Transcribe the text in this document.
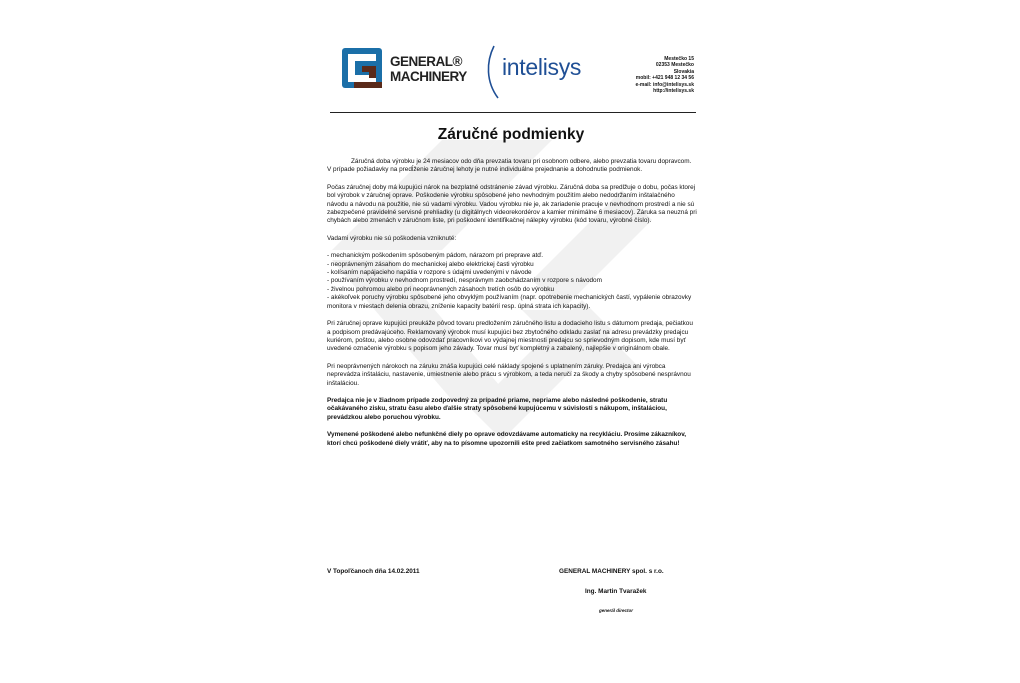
GENERAL®
MACHINERY intelisys	Mestečko 15
02353 Mestečko
Slovakia
mobil: +421 948 12 34 56
e-mail: info@intelisys.sk
http://intelisys.sk
Záručné podmienky

Záručná doba výrobku je 24 mesiacov odo dňa prevzatia tovaru pri osobnom odbere, alebo prevzatia tovaru dopravcom. V prípade požiadavky na predĺženie záručnej lehoty je nutné individuálne prejednanie a dohodnutie podmienok.

Počas záručnej doby má kupujúci nárok na bezplatné odstránenie závad výrobku. Záručná doba sa predlžuje o dobu, počas ktorej bol výrobok v záručnej oprave. Poškodenie výrobku spôsobené jeho nevhodným použitím alebo nedodržaním inštalačného návodu a návodu na použitie, nie sú vadami výrobku. Vadou výrobku nie je, ak zariadenie pracuje v nevhodnom prostredí a nie sú zabezpečené pravidelné servisné prehliadky (u digitálnych videorekordérov a kamier minimálne 6 mesiacov). Záruka sa neuzná pri chybách alebo zmenách v záručnom liste, pri poškodení identifikačnej nálepky výrobku (kód tovaru, výrobné číslo).

Vadami výrobku nie sú poškodenia vzniknuté:

- mechanickým poškodením spôsobeným pádom, nárazom pri preprave atď.
- neoprávneným zásahom do mechanickej alebo elektrickej časti výrobku
- kolísaním napájacieho napätia v rozpore s údajmi uvedenými v návode
- používaním výrobku v nevhodnom prostredí, nesprávnym zaobchádzaním v rozpore s návodom
- živelnou pohromou alebo pri neoprávnených zásahoch tretích osôb do výrobku
- akékoľvek poruchy výrobku spôsobené jeho obvyklým používaním (napr. opotrebenie mechanických častí, vypálenie obrazovky monitora v miestach delenia obrazu, zníženie kapacity batérií resp. úplná strata ich kapacity).

Pri záručnej oprave kupujúci preukáže pôvod tovaru predložením záručného listu a dodacieho listu s dátumom predaja, pečiatkou a podpisom predávajúceho. Reklamovaný výrobok musí kupujúci bez zbytočného odkladu zaslať na adresu prevádzky predajcu kuriérom, poštou, alebo osobne odovzdať pracovníkovi vo výdajnej miestnosti predajcu so sprievodným dopisom, kde musí byť uvedené označenie výrobku s popisom jeho závady. Tovar musí byť kompletný a zabalený, najlepšie v originálnom obale.

Pri neoprávnených nárokoch na záruku znáša kupujúci celé náklady spojené s uplatnením záruky. Predajca ani výrobca neprevádza inštaláciu, nastavenie, umiestnenie alebo prácu s výrobkom, a teda neručí za škody a chyby spôsobené nesprávnou inštaláciou.

Predajca nie je v žiadnom prípade zodpovedný za prípadné priame, nepriame alebo následné poškodenie, stratu očakávaného zisku, stratu času alebo ďalšie straty spôsobené kupujúcemu v súvislosti s nákupom, inštaláciou, prevádzkou alebo poruchou výrobku.

Vymenené poškodené alebo nefunkčné diely po oprave odovzdávame automaticky na recykláciu. Prosíme zákazníkov, ktorí chcú poškodené diely vrátiť, aby na to písomne upozornili ešte pred začiatkom samotného servisného zásahu!

V Topoľčanoch dňa 14.02.2011	GENERAL MACHINERY spol. s r.o.
Ing. Martin Tvaražek
generál director
